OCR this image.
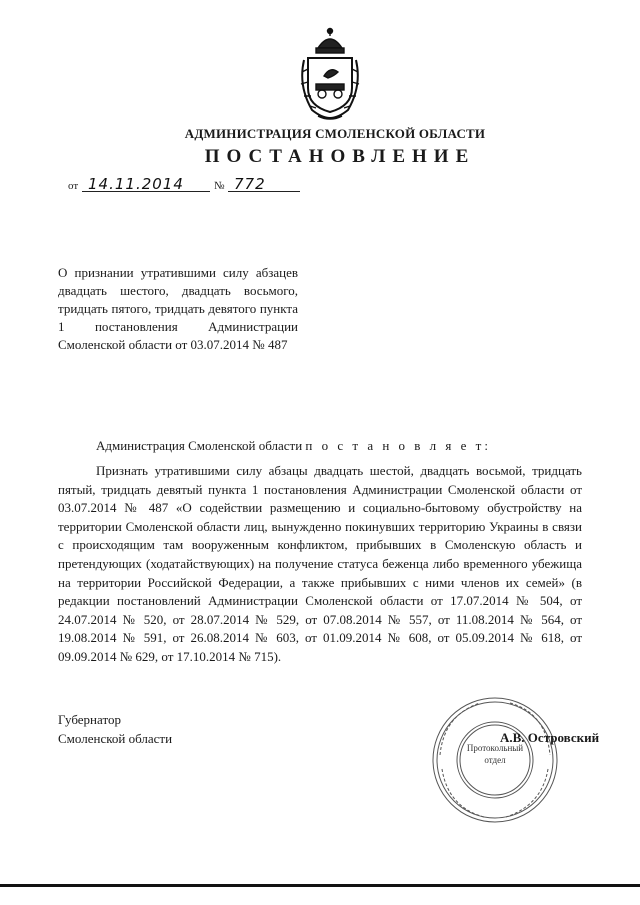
АДМИНИСТРАЦИЯ СМОЛЕНСКОЙ ОБЛАСТИ
ПОСТАНОВЛЕНИЕ
от 14.11.2014	№ 772
О признании утратившими силу абзацев двадцать шестого, двадцать восьмого, тридцать пятого, тридцать девятого пункта 1 постановления Администрации Смоленской области от 03.07.2014 № 487
Администрация Смоленской области п о с т а н о в л я е т:
Признать утратившими силу абзацы двадцать шестой, двадцать восьмой, тридцать пятый, тридцать девятый пункта 1 постановления Администрации Смоленской области от 03.07.2014 № 487 «О содействии размещению и социально-бытовому обустройству на территории Смоленской области лиц, вынужденно покинувших территорию Украины в связи с происходящим там вооруженным конфликтом, прибывших в Смоленскую область и претендующих (ходатайствующих) на получение статуса беженца либо временного убежища на территории Российской Федерации, а также прибывших с ними членов их семей» (в редакции постановлений Администрации Смоленской области от 17.07.2014 № 504, от 24.07.2014 № 520, от 28.07.2014 № 529, от 07.08.2014 № 557, от 11.08.2014 № 564, от 19.08.2014 № 591, от 26.08.2014 № 603, от 01.09.2014 № 608, от 05.09.2014 № 618, от 09.09.2014 № 629, от 17.10.2014 № 715).
Губернатор
Смоленской области
Протокольный
отдел
А.В. Островский
